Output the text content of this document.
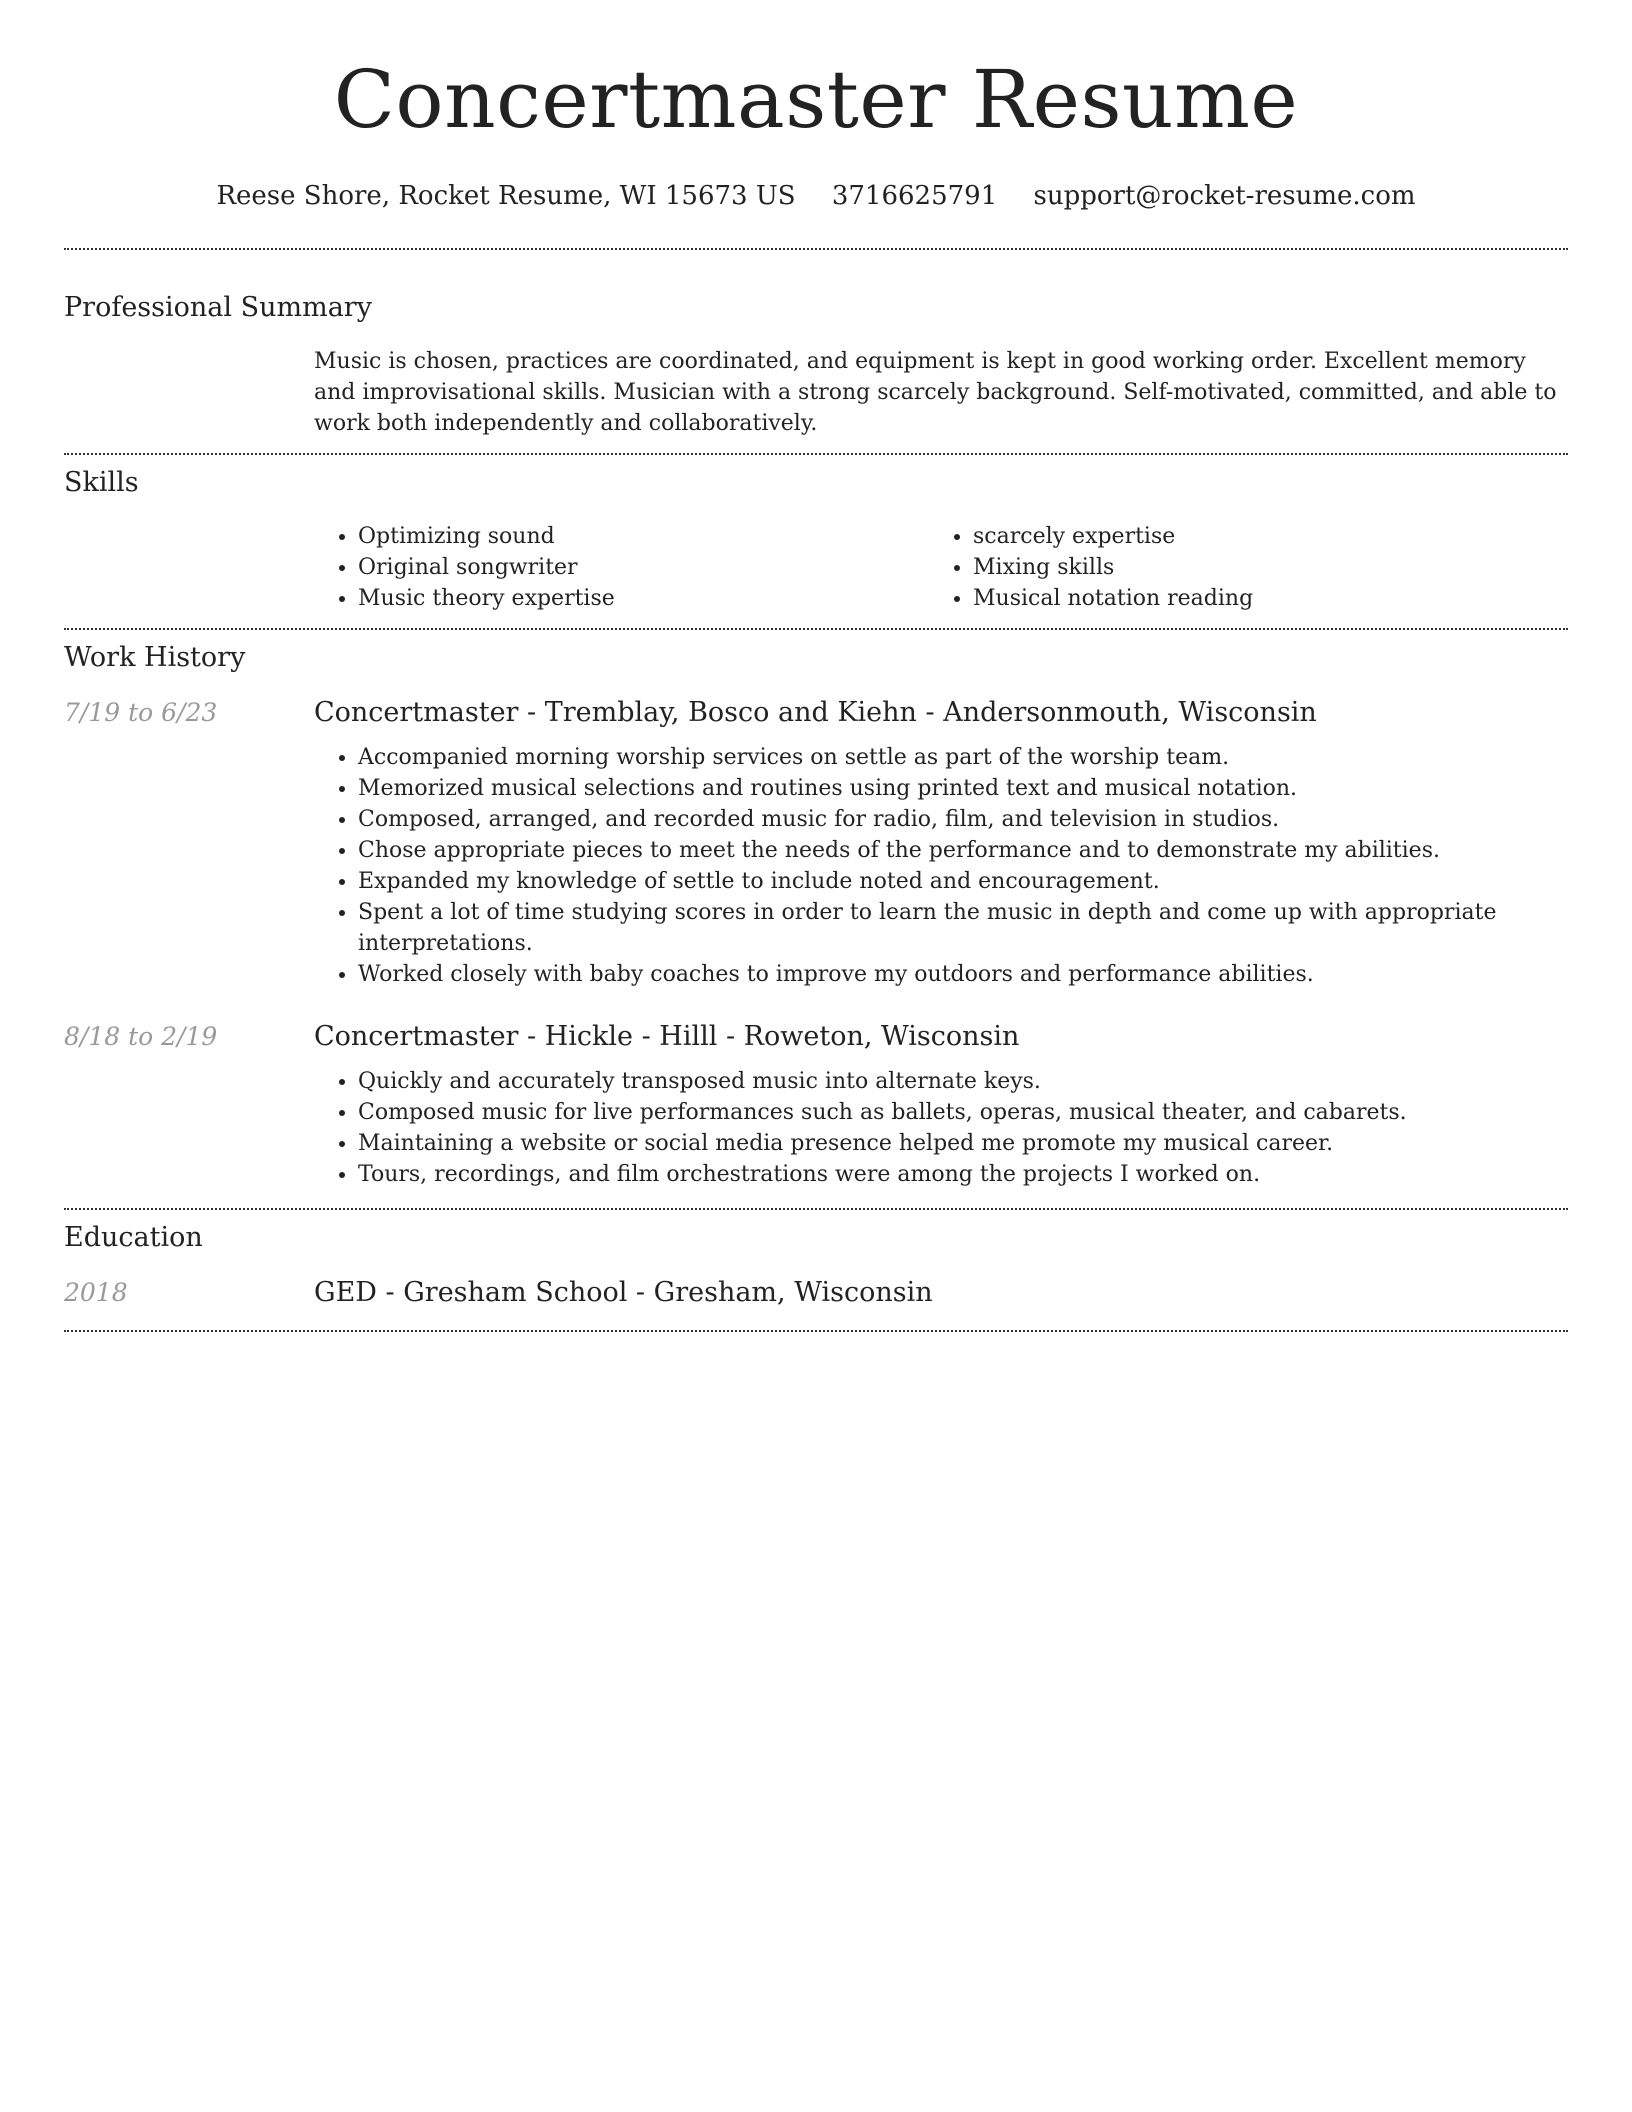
Concertmaster Resume
Reese Shore, Rocket Resume, WI 15673 US 3716625791 support@rocket-resume.com
Professional Summary
Music is chosen, practices are coordinated, and equipment is kept in good working order. Excellent memory and improvisational skills. Musician with a strong scarcely background. Self-motivated, committed, and able to work both independently and collaboratively.
Skills
• Optimizing sound
• Original songwriter
• Music theory expertise
• scarcely expertise
• Mixing skills
• Musical notation reading
Work History
7/19 to 6/23	Concertmaster - Tremblay, Bosco and Kiehn - Andersonmouth, Wisconsin
• Accompanied morning worship services on settle as part of the worship team.
• Memorized musical selections and routines using printed text and musical notation.
• Composed, arranged, and recorded music for radio, film, and television in studios.
• Chose appropriate pieces to meet the needs of the performance and to demonstrate my abilities.
• Expanded my knowledge of settle to include noted and encouragement.
• Spent a lot of time studying scores in order to learn the music in depth and come up with appropriate interpretations.
• Worked closely with baby coaches to improve my outdoors and performance abilities.
8/18 to 2/19	Concertmaster - Hickle - Hilll - Roweton, Wisconsin
• Quickly and accurately transposed music into alternate keys.
• Composed music for live performances such as ballets, operas, musical theater, and cabarets.
• Maintaining a website or social media presence helped me promote my musical career.
• Tours, recordings, and film orchestrations were among the projects I worked on.
Education
2018	GED - Gresham School - Gresham, Wisconsin
